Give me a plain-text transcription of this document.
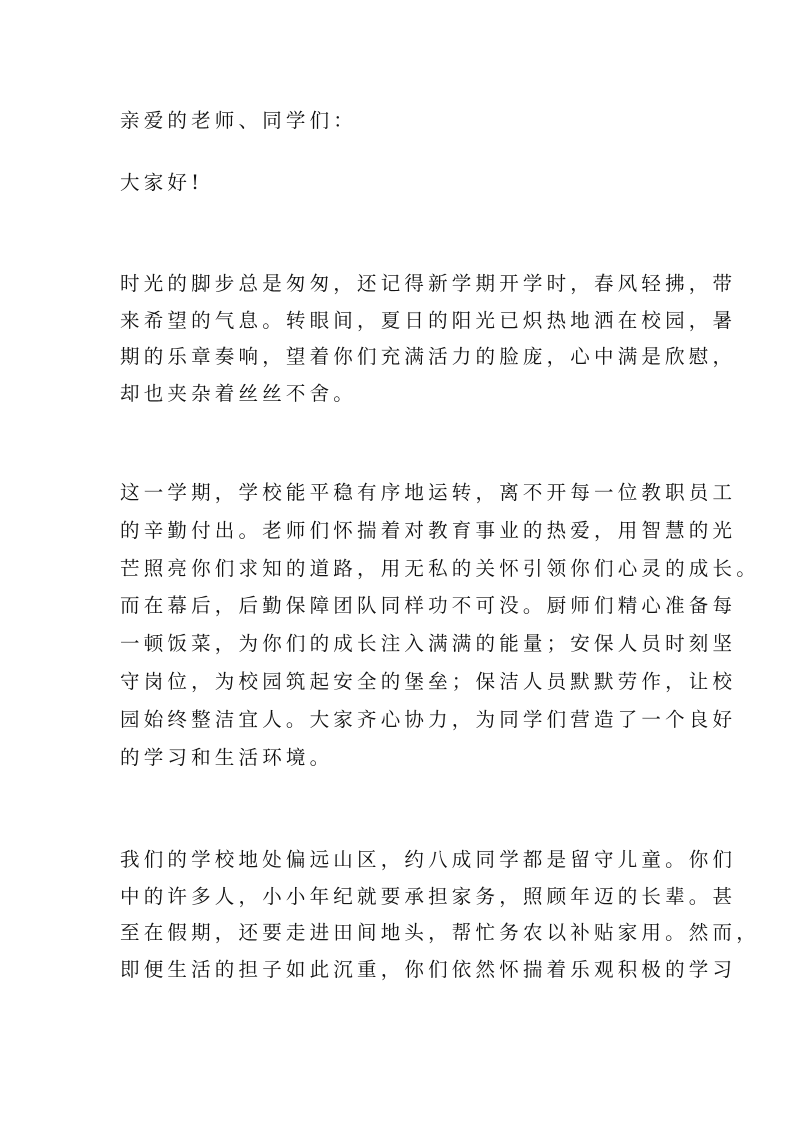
亲爱的老师、同学们：
大家好!
时光的脚步总是匆匆，还记得新学期开学时，春风轻拂，带
来希望的气息。转眼间，夏日的阳光已炽热地洒在校园，暑
期的乐章奏响，望着你们充满活力的脸庞，心中满是欣慰，
却也夹杂着丝丝不舍。
这一学期，学校能平稳有序地运转，离不开每一位教职员工
的辛勤付出。老师们怀揣着对教育事业的热爱，用智慧的光
芒照亮你们求知的道路，用无私的关怀引领你们心灵的成长。
而在幕后，后勤保障团队同样功不可没。厨师们精心准备每
一顿饭菜，为你们的成长注入满满的能量；安保人员时刻坚
守岗位，为校园筑起安全的堡垒；保洁人员默默劳作，让校
园始终整洁宜人。大家齐心协力，为同学们营造了一个良好
的学习和生活环境。
我们的学校地处偏远山区，约八成同学都是留守儿童。你们
中的许多人，小小年纪就要承担家务，照顾年迈的长辈。甚
至在假期，还要走进田间地头，帮忙务农以补贴家用。然而，
即便生活的担子如此沉重，你们依然怀揣着乐观积极的学习
